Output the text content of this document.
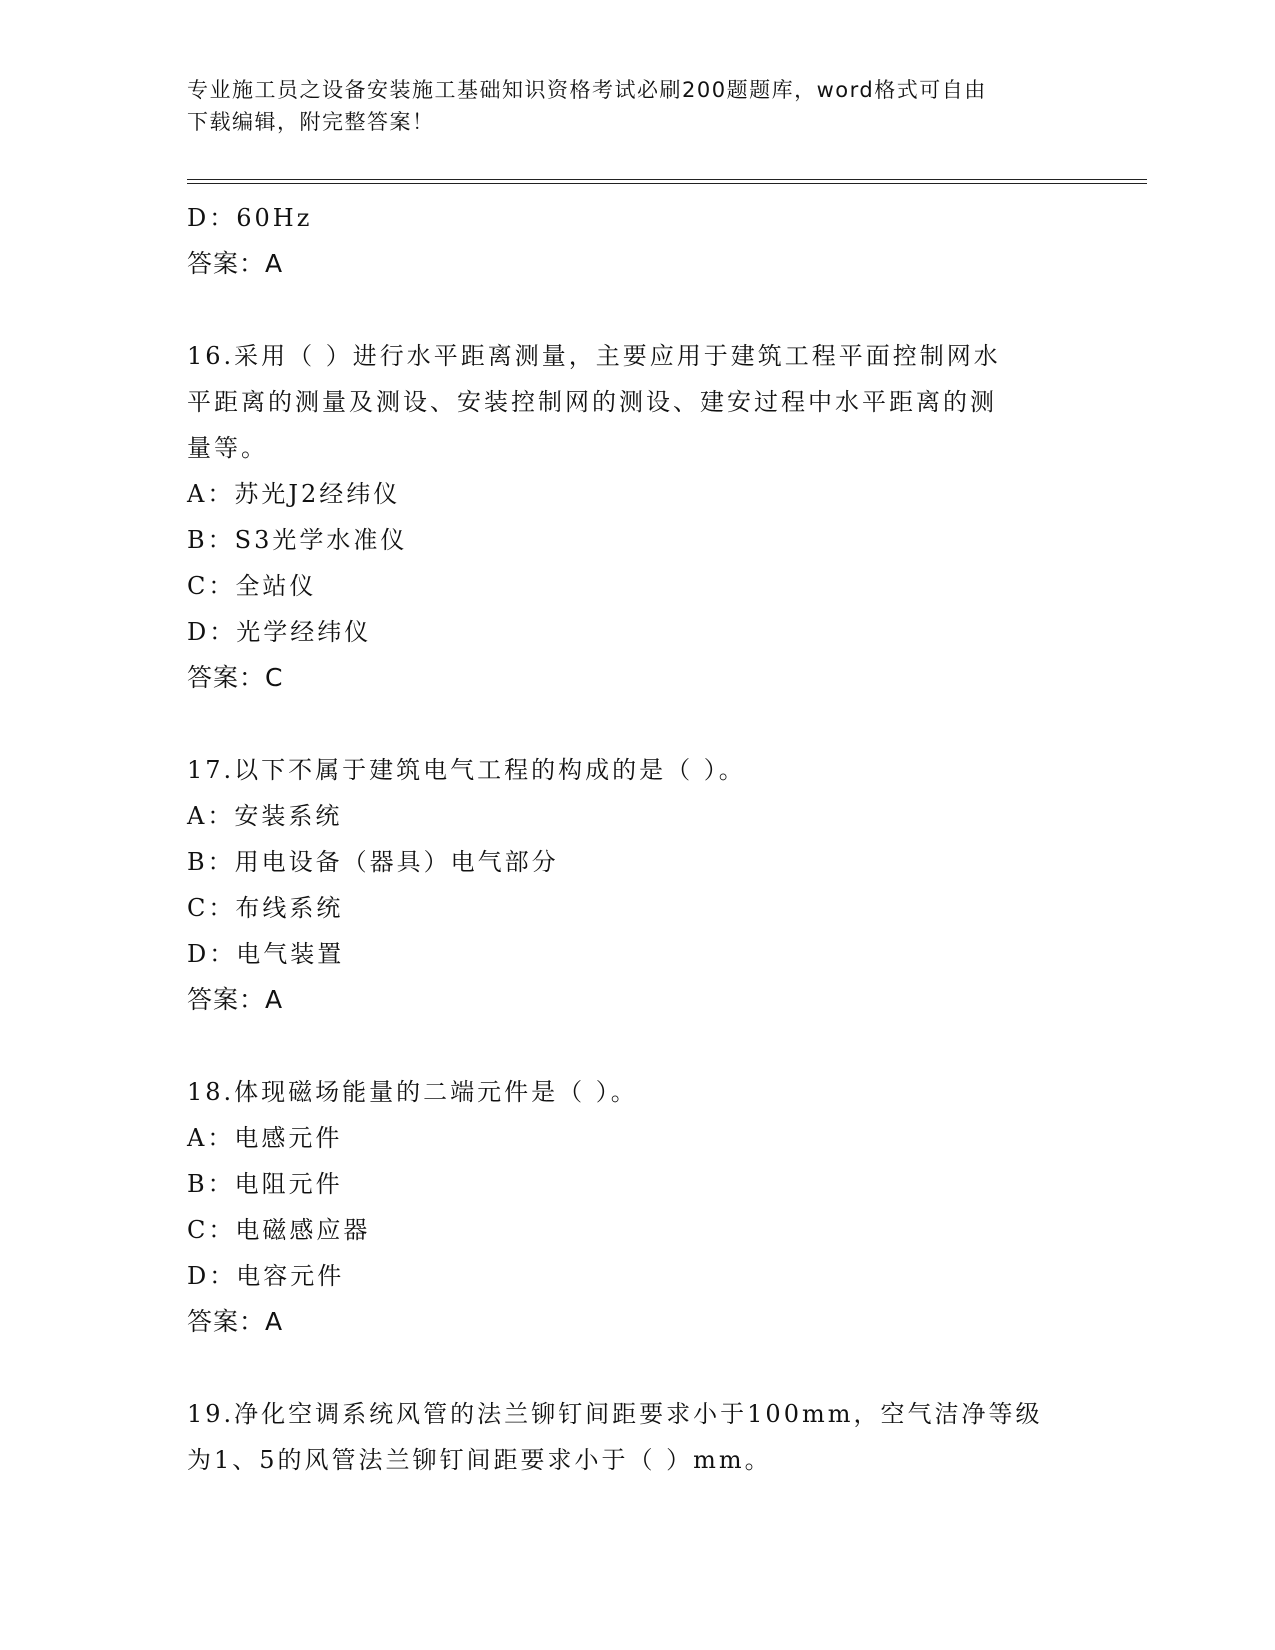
专业施工员之设备安装施工基础知识资格考试必刷200题题库，word格式可自由
下载编辑，附完整答案！
D：60Hz
答案：A
16.采用（ ）进行水平距离测量，主要应用于建筑工程平面控制网水
平距离的测量及测设、安装控制网的测设、建安过程中水平距离的测
量等。
A：苏光J2经纬仪
B：S3光学水准仪
C：全站仪
D：光学经纬仪
答案：C
17.以下不属于建筑电气工程的构成的是（ ）。
A：安装系统
B：用电设备（器具）电气部分
C：布线系统
D：电气装置
答案：A
18.体现磁场能量的二端元件是（ ）。
A：电感元件
B：电阻元件
C：电磁感应器
D：电容元件
答案：A
19.净化空调系统风管的法兰铆钉间距要求小于100mm，空气洁净等级
为1、5的风管法兰铆钉间距要求小于（ ）mm。
